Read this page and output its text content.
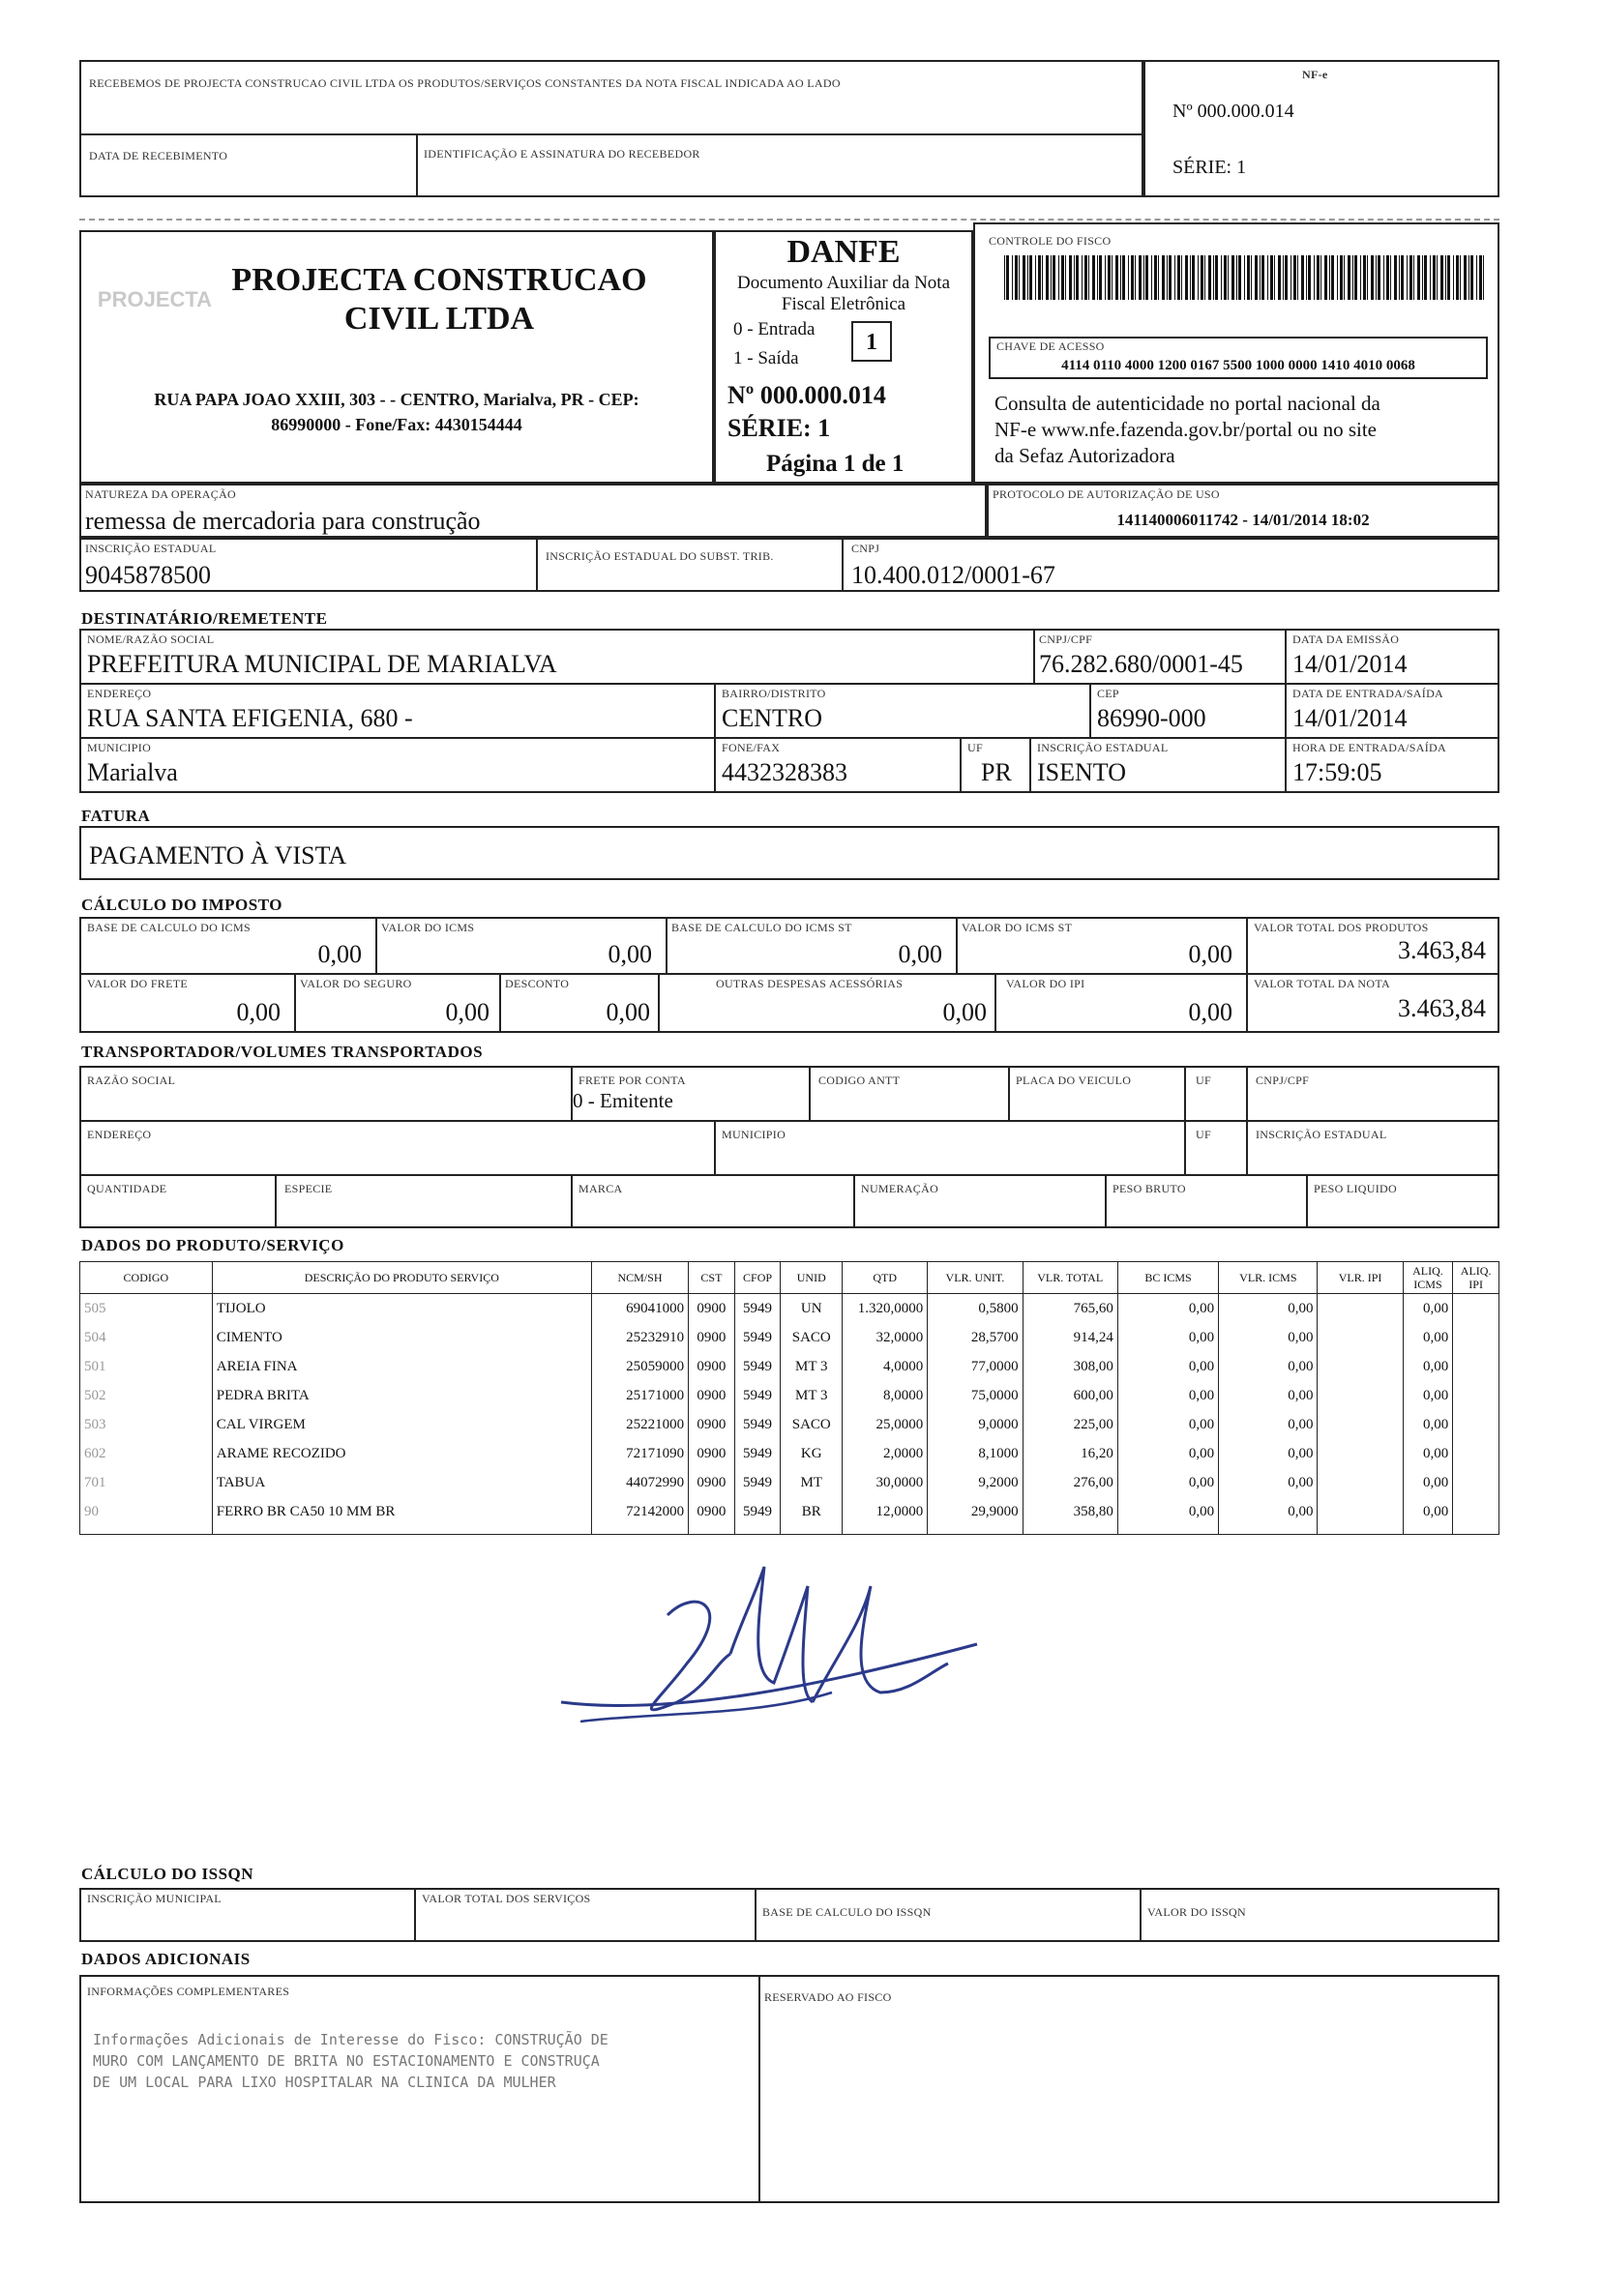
RECEBEMOS DE PROJECTA CONSTRUCAO CIVIL LTDA OS PRODUTOS/SERVIÇOS CONSTANTES DA NOTA FISCAL INDICADA AO LADO
DATA DE RECEBIMENTO	IDENTIFICAÇÃO E ASSINATURA DO RECEBEDOR
NF-e
Nº 000.000.014
SÉRIE: 1
PROJECTA
PROJECTA CONSTRUCAO
CIVIL LTDA
RUA PAPA JOAO XXIII, 303 - - CENTRO, Marialva, PR - CEP:
86990000 - Fone/Fax: 4430154444
DANFE
Documento Auxiliar da Nota
Fiscal Eletrônica
0 - Entrada
1 - Saída
1
Nº 000.000.014
SÉRIE: 1
Página 1 de 1
CONTROLE DO FISCO
CHAVE DE ACESSO
4114 0110 4000 1200 0167 5500 1000 0000 1410 4010 0068
Consulta de autenticidade no portal nacional da
NF-e www.nfe.fazenda.gov.br/portal ou no site
da Sefaz Autorizadora
NATUREZA DA OPERAÇÃO
remessa de mercadoria para construção
PROTOCOLO DE AUTORIZAÇÃO DE USO
141140006011742 - 14/01/2014 18:02
INSCRIÇÃO ESTADUAL
9045878500
INSCRIÇÃO ESTADUAL DO SUBST. TRIB.
CNPJ
10.400.012/0001-67
DESTINATÁRIO/REMETENTE
NOME/RAZÃO SOCIAL
PREFEITURA MUNICIPAL DE MARIALVA
CNPJ/CPF
76.282.680/0001-45
DATA DA EMISSÃO
14/01/2014
ENDEREÇO
RUA SANTA EFIGENIA, 680 -
BAIRRO/DISTRITO
CENTRO
CEP
86990-000
DATA DE ENTRADA/SAÍDA
14/01/2014
MUNICIPIO
Marialva
FONE/FAX
4432328383
UF
PR
INSCRIÇÃO ESTADUAL
ISENTO
HORA DE ENTRADA/SAÍDA
17:59:05
FATURA
PAGAMENTO À VISTA
CÁLCULO DO IMPOSTO
BASE DE CALCULO DO ICMS
0,00
VALOR DO ICMS
0,00
BASE DE CALCULO DO ICMS ST
0,00
VALOR DO ICMS ST
0,00
VALOR TOTAL DOS PRODUTOS
3.463,84
VALOR DO FRETE
0,00
VALOR DO SEGURO
0,00
DESCONTO
0,00
OUTRAS DESPESAS ACESSÓRIAS
0,00
VALOR DO IPI
0,00
VALOR TOTAL DA NOTA
3.463,84
TRANSPORTADOR/VOLUMES TRANSPORTADOS
RAZÃO SOCIAL	FRETE POR CONTA
0 - Emitente
CODIGO ANTT	PLACA DO VEICULO	UF	CNPJ/CPF
ENDEREÇO	MUNICIPIO	UF	INSCRIÇÃO ESTADUAL
QUANTIDADE	ESPECIE	MARCA	NUMERAÇÃO	PESO BRUTO	PESO LIQUIDO
DADOS DO PRODUTO/SERVIÇO
CODIGO	DESCRIÇÃO DO PRODUTO SERVIÇO	NCM/SH	CST	CFOP	UNID	QTD	VLR. UNIT.	VLR. TOTAL	BC ICMS	VLR. ICMS	VLR. IPI	ALIQ. ICMS	ALIQ. IPI
505	TIJOLO	69041000	0900	5949	UN	1.320,0000	0,5800	765,60	0,00	0,00		0,00	
504	CIMENTO	25232910	0900	5949	SACO	32,0000	28,5700	914,24	0,00	0,00		0,00	
501	AREIA FINA	25059000	0900	5949	MT 3	4,0000	77,0000	308,00	0,00	0,00		0,00	
502	PEDRA BRITA	25171000	0900	5949	MT 3	8,0000	75,0000	600,00	0,00	0,00		0,00	
503	CAL VIRGEM	25221000	0900	5949	SACO	25,0000	9,0000	225,00	0,00	0,00		0,00	
602	ARAME RECOZIDO	72171090	0900	5949	KG	2,0000	8,1000	16,20	0,00	0,00		0,00	
701	TABUA	44072990	0900	5949	MT	30,0000	9,2000	276,00	0,00	0,00		0,00	
90	FERRO BR CA50 10 MM BR	72142000	0900	5949	BR	12,0000	29,9000	358,80	0,00	0,00		0,00	

CÁLCULO DO ISSQN
INSCRIÇÃO MUNICIPAL	VALOR TOTAL DOS SERVIÇOS
BASE DE CALCULO DO ISSQN	VALOR DO ISSQN
DADOS ADICIONAIS
INFORMAÇÕES COMPLEMENTARES
Informações Adicionais de Interesse do Fisco: CONSTRUÇÃO DE
MURO COM LANÇAMENTO DE BRITA NO ESTACIONAMENTO E CONSTRUÇA
DE UM LOCAL PARA LIXO HOSPITALAR NA CLINICA DA MULHER
RESERVADO AO FISCO
